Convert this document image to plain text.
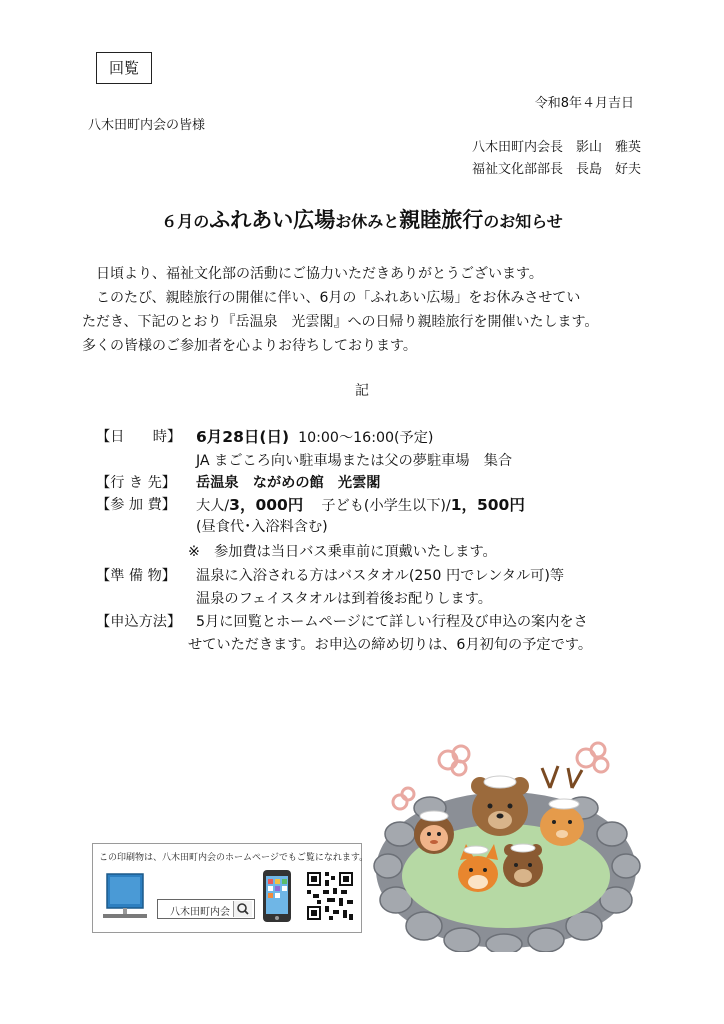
回覧
令和8年４月吉日
八木田町内会の皆様
八木田町内会長　影山　雅英
福祉文化部部長　長島　好夫
６月のふれあい広場お休みと親睦旅行のお知らせ

日頃より、福祉文化部の活動にご協力いただきありがとうございます。

このたび、親睦旅行の開催に伴い、6月の「ふれあい広場」をお休みさせてい

ただき、下記のとおり『岳温泉　光雲閣』への日帰り親睦旅行を開催いたします。

多くの皆様のご参加者を心よりお待ちしております。

記
【日　　時】 6月28日(日) 10:00〜16:00(予定)
JA まごころ向い駐車場または父の夢駐車場　集合
【行 き 先】 岳温泉　ながめの館　光雲閣
【参 加 費】 大人/3，000円 子ども(小学生以下)/1，500円
(昼食代･入浴料含む)
※　参加費は当日バス乗車前に頂戴いたします。
【準 備 物】 温泉に入浴される方はバスタオル(250 円でレンタル可)等
温泉のフェイスタオルは到着後お配りします。
【申込方法】 5月に回覧とホームページにて詳しい行程及び申込の案内をさ
せていただきます。お申込の締め切りは、6月初旬の予定です。
この印刷物は、八木田町内会のホームページでもご覧になれます。
八木田町内会
